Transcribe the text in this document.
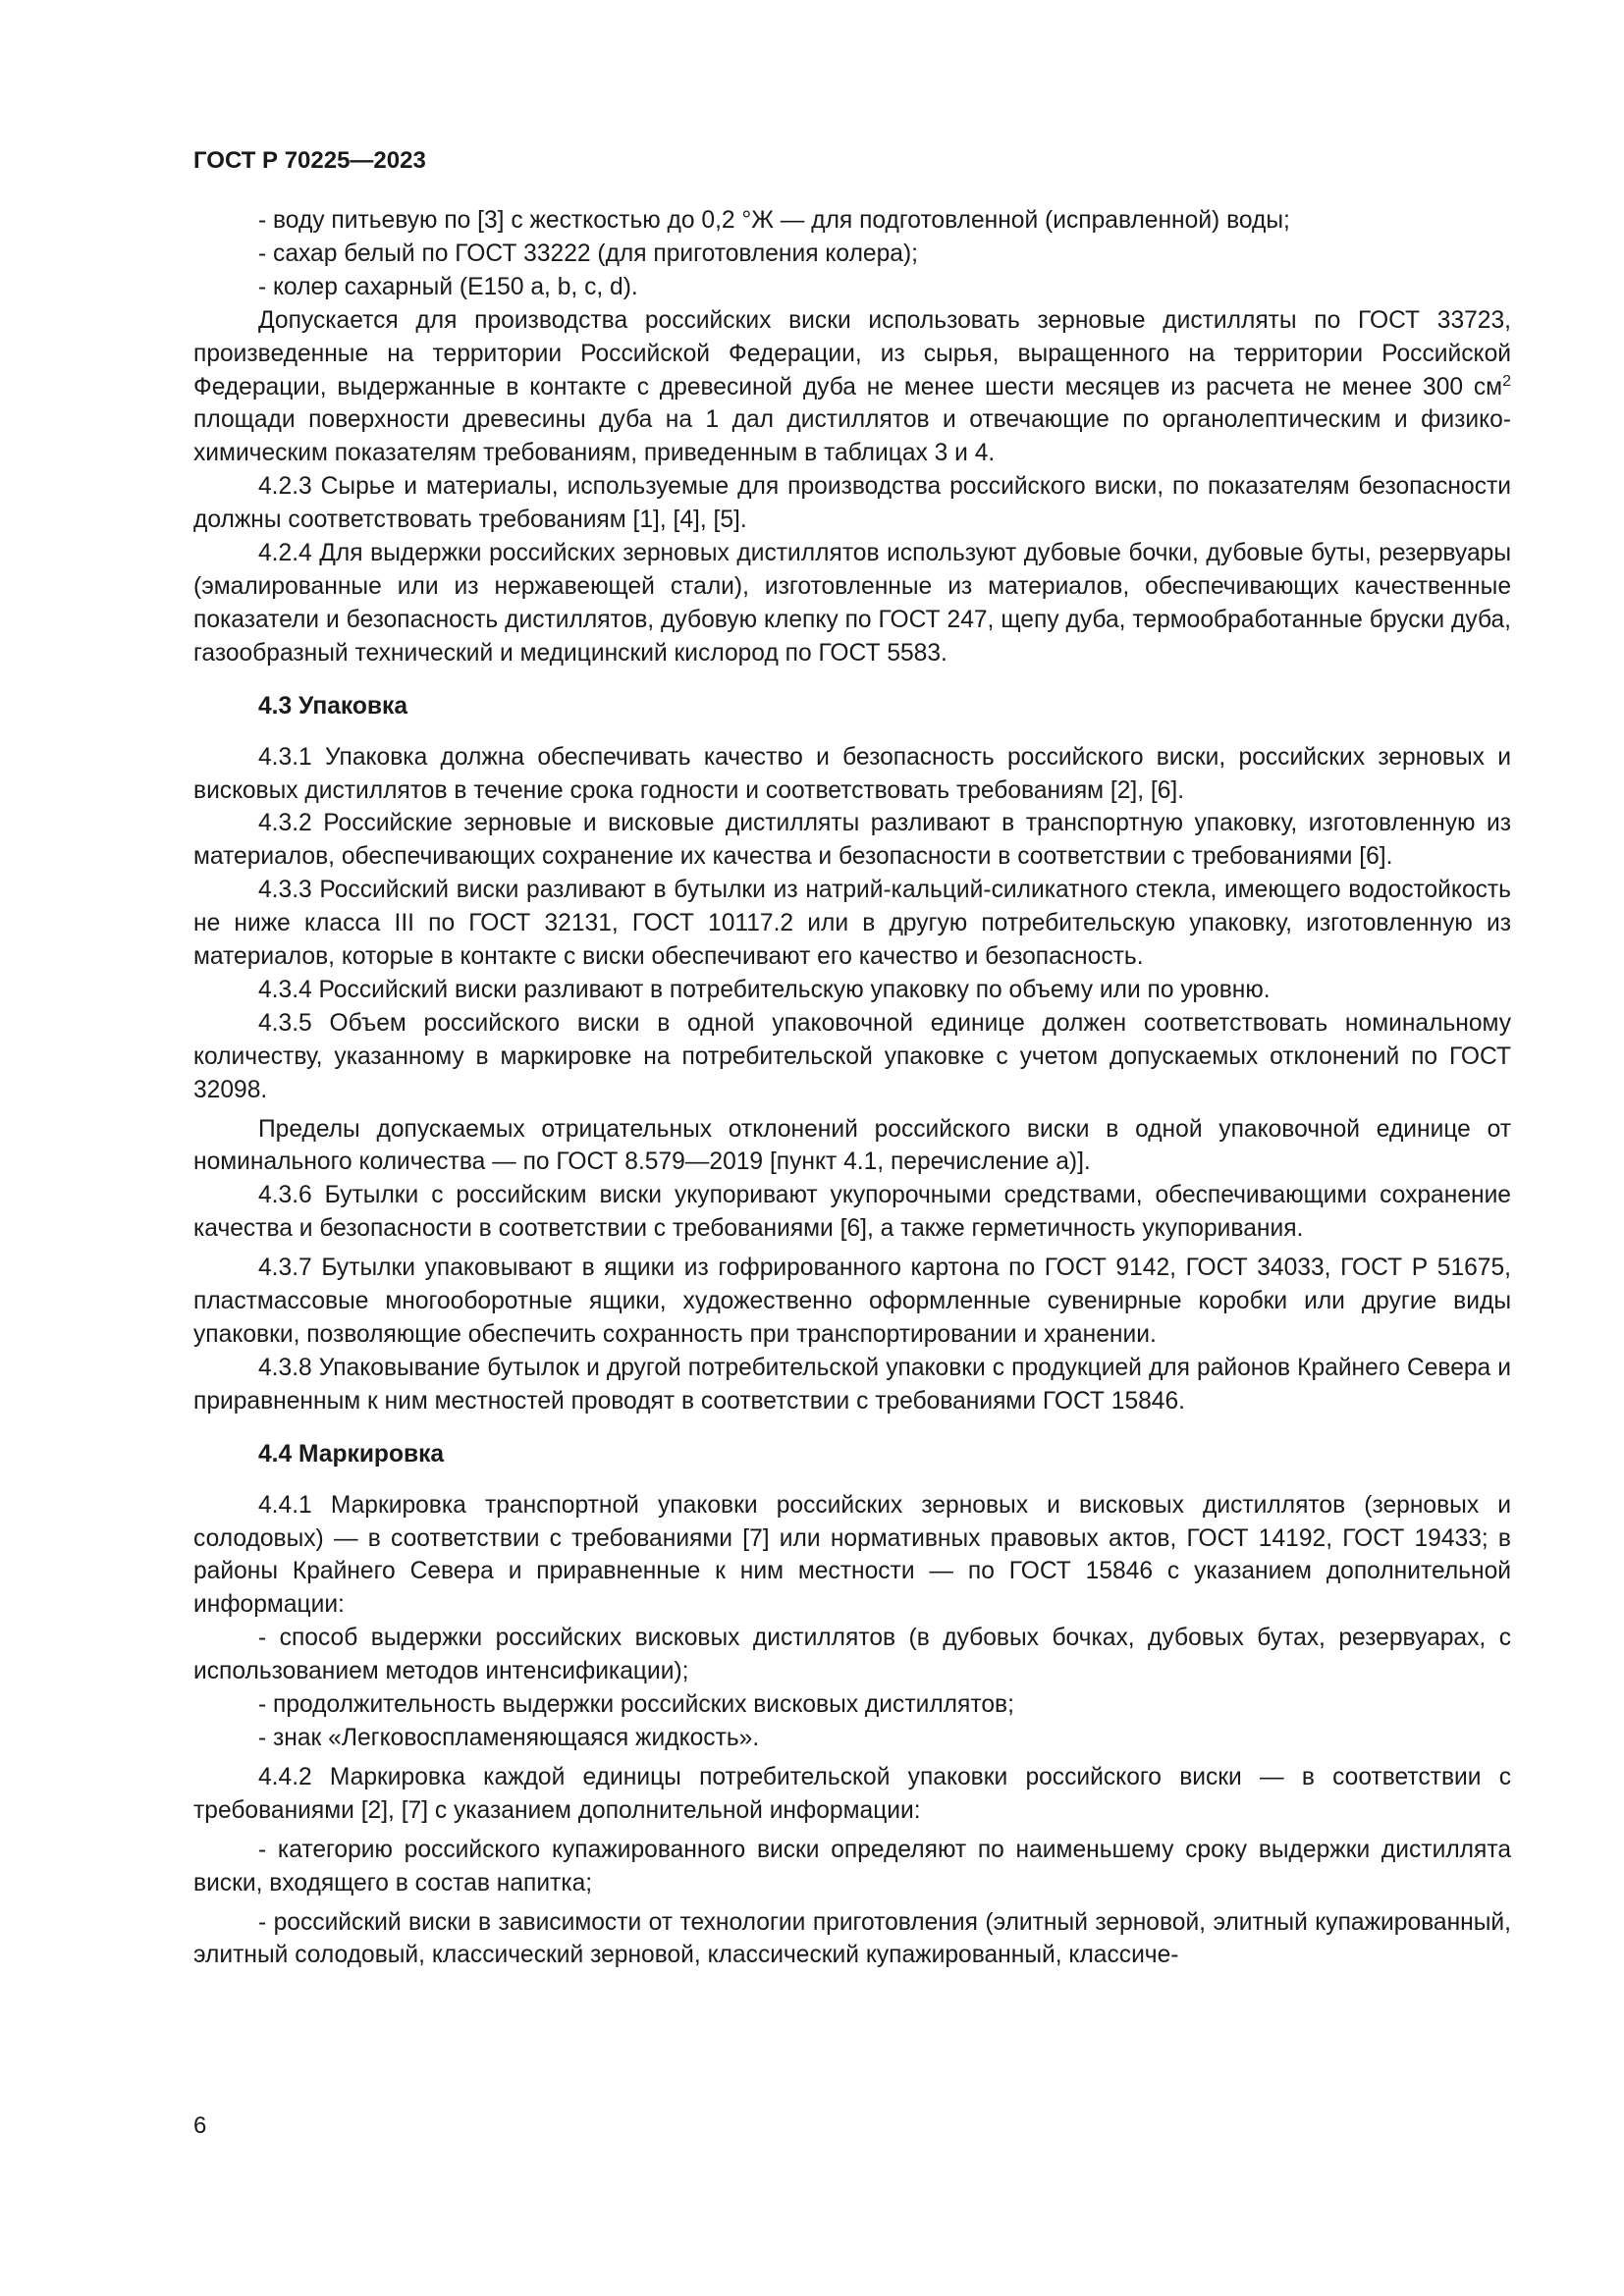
ГОСТ Р 70225—2023

- воду питьевую по [3] с жесткостью до 0,2 °Ж — для подготовленной (исправленной) воды;

- сахар белый по ГОСТ 33222 (для приготовления колера);

- колер сахарный (Е150 a, b, c, d).

Допускается для производства российских виски использовать зерновые дистилляты по ГОСТ 33723, произведенные на территории Российской Федерации, из сырья, выращенного на территории Российской Федерации, выдержанные в контакте с древесиной дуба не менее шести месяцев из расчета не менее 300 $см^2$ площади поверхности древесины дуба на 1 дал дистиллятов и отвечающие по органолептическим и физико-химическим показателям требованиям, приведенным в таблицах 3 и 4.

4.2.3 Сырье и материалы, используемые для производства российского виски, по показателям безопасности должны соответствовать требованиям [1], [4], [5].

4.2.4 Для выдержки российских зерновых дистиллятов используют дубовые бочки, дубовые буты, резервуары (эмалированные или из нержавеющей стали), изготовленные из материалов, обеспечивающих качественные показатели и безопасность дистиллятов, дубовую клепку по ГОСТ 247, щепу дуба, термообработанные бруски дуба, газообразный технический и медицинский кислород по ГОСТ 5583.

4.3 Упаковка

4.3.1 Упаковка должна обеспечивать качество и безопасность российского виски, российских зерновых и вискoвых дистиллятов в течение срока годности и соответствовать требованиям [2], [6].

4.3.2 Российские зерновые и висковые дистилляты разливают в транспортную упаковку, изготовленную из материалов, обеспечивающих сохранение их качества и безопасности в соответствии с требованиями [6].

4.3.3 Российский виски разливают в бутылки из натрий-кальций-силикатного стекла, имеющего водостойкость не ниже класса III по ГОСТ 32131, ГОСТ 10117.2 или в другую потребительскую упаковку, изготовленную из материалов, которые в контакте с виски обеспечивают его качество и безопасность.

4.3.4 Российский виски разливают в потребительскую упаковку по объему или по уровню.

4.3.5 Объем российского виски в одной упаковочной единице должен соответствовать номинальному количеству, указанному в маркировке на потребительской упаковке с учетом допускаемых отклонений по ГОСТ 32098.

Пределы допускаемых отрицательных отклонений российского виски в одной упаковочной единице от номинального количества — по ГОСТ 8.579—2019 [пункт 4.1, перечисление а)].

4.3.6 Бутылки с российским виски укупоривают укупорочными средствами, обеспечивающими сохранение качества и безопасности в соответствии с требованиями [6], а также герметичность укупоривания.

4.3.7 Бутылки упаковывают в ящики из гофрированного картона по ГОСТ 9142, ГОСТ 34033, ГОСТ Р 51675, пластмассовые многооборотные ящики, художественно оформленные сувенирные коробки или другие виды упаковки, позволяющие обеспечить сохранность при транспортировании и хранении.

4.3.8 Упаковывание бутылок и другой потребительской упаковки с продукцией для районов Крайнего Севера и приравненным к ним местностей проводят в соответствии с требованиями ГОСТ 15846.

4.4 Маркировка

4.4.1 Маркировка транспортной упаковки российских зерновых и висковых дистиллятов (зерновых и солодовых) — в соответствии с требованиями [7] или нормативных правовых актов, ГОСТ 14192, ГОСТ 19433; в районы Крайнего Севера и приравненные к ним местности — по ГОСТ 15846 с указанием дополнительной информации:

- способ выдержки российских висковых дистиллятов (в дубовых бочках, дубовых бутах, резервуарах, с использованием методов интенсификации);

- продолжительность выдержки российских висковых дистиллятов;

- знак «Легковоспламеняющаяся жидкость».

4.4.2 Маркировка каждой единицы потребительской упаковки российского виски — в соответствии с требованиями [2], [7] с указанием дополнительной информации:

- категорию российского купажированного виски определяют по наименьшему сроку выдержки дистиллята виски, входящего в состав напитка;

- российский виски в зависимости от технологии приготовления (элитный зерновой, элитный купажированный, элитный солодовый, классический зерновой, классический купажированный, классиче-

6
